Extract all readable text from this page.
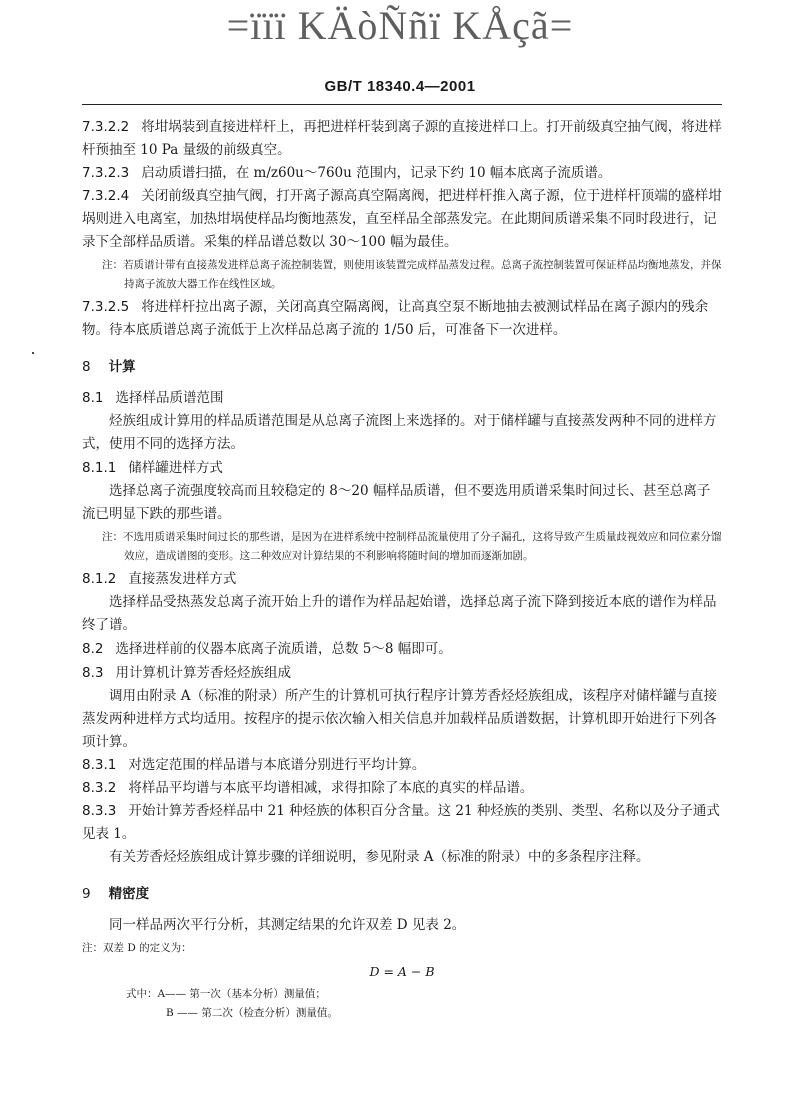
=ïïï KÄòÑñï KÅçã=
GB/T 18340.4—2001

7.3.2.2 将坩埚装到直接进样杆上，再把进样杆装到离子源的直接进样口上。打开前级真空抽气阀，将进样杆预抽至 10 Pa 量级的前级真空。

7.3.2.3 启动质谱扫描，在 m/z60u～760u 范围内，记录下约 10 幅本底离子流质谱。

7.3.2.4 关闭前级真空抽气阀，打开离子源高真空隔离阀，把进样杆推入离子源，位于进样杆顶端的盛样坩埚则进入电离室，加热坩埚使样品均衡地蒸发，直至样品全部蒸发完。在此期间质谱采集不同时段进行，记录下全部样品质谱。采集的样品谱总数以 30～100 幅为最佳。

注：若质谱计带有直接蒸发进样总离子流控制装置，则使用该装置完成样品蒸发过程。总离子流控制装置可保证样品均衡地蒸发，并保持离子流放大器工作在线性区域。

7.3.2.5 将进样杆拉出离子源，关闭高真空隔离阀，让高真空泵不断地抽去被测试样品在离子源内的残余物。待本底质谱总离子流低于上次样品总离子流的 1/50 后，可准备下一次进样。

8 计算

8.1 选择样品质谱范围

烃族组成计算用的样品质谱范围是从总离子流图上来选择的。对于储样罐与直接蒸发两种不同的进样方式，使用不同的选择方法。

8.1.1 储样罐进样方式

选择总离子流强度较高而且较稳定的 8～20 幅样品质谱，但不要选用质谱采集时间过长、甚至总离子流已明显下跌的那些谱。

注：不选用质谱采集时间过长的那些谱，是因为在进样系统中控制样品流量使用了分子漏孔，这将导致产生质量歧视效应和同位素分馏效应，造成谱图的变形。这二种效应对计算结果的不利影响将随时间的增加而逐渐加剧。

8.1.2 直接蒸发进样方式

选择样品受热蒸发总离子流开始上升的谱作为样品起始谱，选择总离子流下降到接近本底的谱作为样品终了谱。

8.2 选择进样前的仪器本底离子流质谱，总数 5～8 幅即可。

8.3 用计算机计算芳香烃烃族组成

调用由附录 A（标准的附录）所产生的计算机可执行程序计算芳香烃烃族组成，该程序对储样罐与直接蒸发两种进样方式均适用。按程序的提示依次输入相关信息并加载样品质谱数据，计算机即开始进行下列各项计算。

8.3.1 对选定范围的样品谱与本底谱分别进行平均计算。

8.3.2 将样品平均谱与本底平均谱相减，求得扣除了本底的真实的样品谱。

8.3.3 开始计算芳香烃样品中 21 种烃族的体积百分含量。这 21 种烃族的类别、类型、名称以及分子通式见表 1。

有关芳香烃烃族组成计算步骤的详细说明，参见附录 A（标准的附录）中的多条程序注释。

9 精密度

同一样品两次平行分析，其测定结果的允许双差 D 见表 2。

注：双差 D 的定义为：

D = A − B

式中：A—— 第一次（基本分析）测量值；

B —— 第二次（检查分析）测量值。
